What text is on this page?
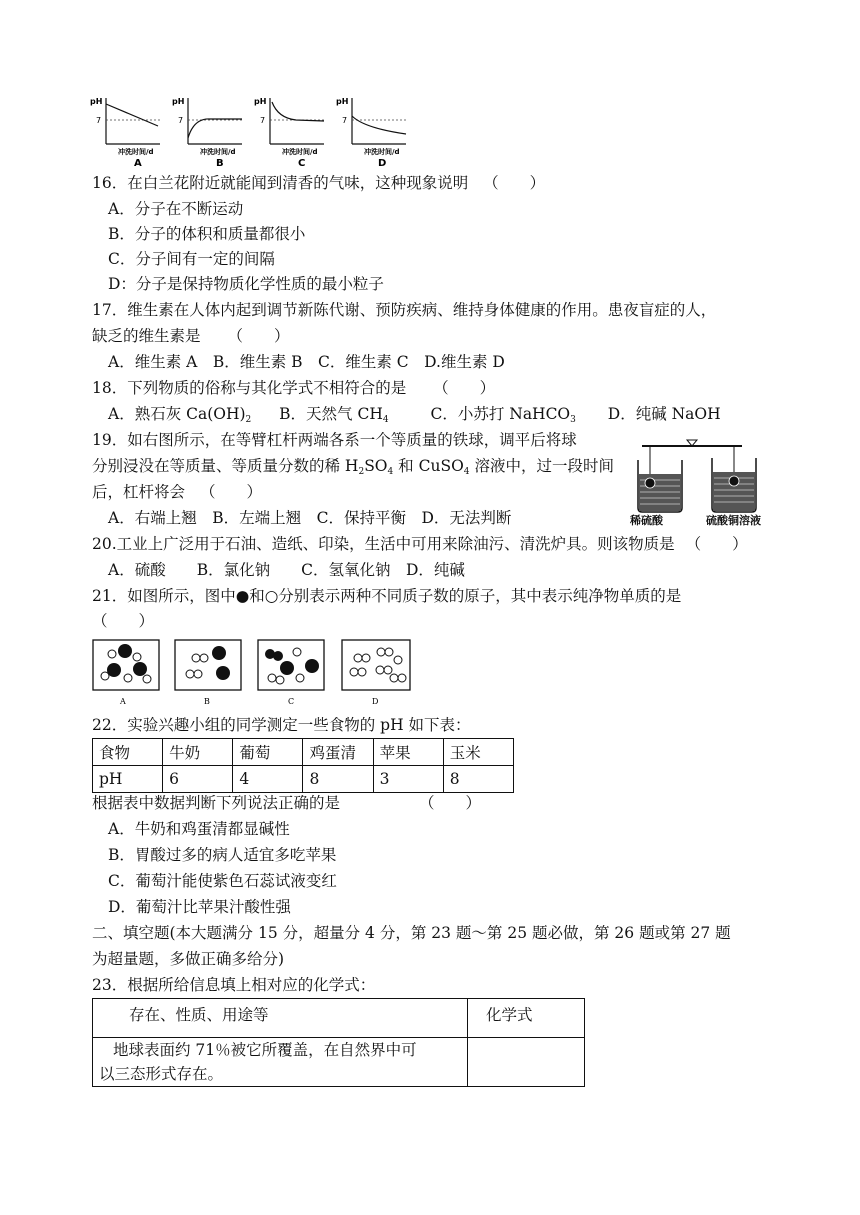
pH	pH	pH	pH
7	7	7	7
冲洗时间/d	冲洗时间/d	冲洗时间/d	冲洗时间/d
A	B	C	D
16．在白兰花附近就能闻到清香的气味，这种现象说明 （　　）
A．分子在不断运动
B．分子的体积和质量都很小
C．分子间有一定的间隔
D：分子是保持物质化学性质的最小粒子
17．维生素在人体内起到调节新陈代谢、预防疾病、维持身体健康的作用。患夜盲症的人，
缺乏的维生素是 （　　）
A．维生素 A　B．维生素 B　C．维生素 C　D.维生素 D
18．下列物质的俗称与其化学式不相符合的是 （　　）
A．熟石灰 $Ca(OH)_2$ B．天然气 $CH_4$	C．小苏打 NaHCO$_3$ D．纯碱 NaOH
19．如右图所示，在等臂杠杆两端各系一个等质量的铁球，调平后将球
分别浸没在等质量、等质量分数的稀 $H_2SO_4$ 和 CuSO$_4$ 溶液中，过一段时间
后，杠杆将会 （　　）
A．右端上翘　B．左端上翘　C．保持平衡　D．无法判断	稀硫酸	硫酸铜溶液
20.工业上广泛用于石油、造纸、印染，生活中可用来除油污、清洗炉具。则该物质是 （　　）
A．硫酸　　B．氯化钠　　C．氢氧化钠　D．纯碱
21．如图所示，图中●和○分别表示两种不同质子数的原子，其中表示纯净物单质的是
（　　）
A	B	C	D
22．实验兴趣小组的同学测定一些食物的 pH 如下表：
食物	牛奶	葡萄	鸡蛋清	苹果	玉米
pH	6	4	8	3	8
根据表中数据判断下列说法正确的是	（　　）
A．牛奶和鸡蛋清都显碱性
B．胃酸过多的病人适宜多吃苹果
C．葡萄汁能使紫色石蕊试液变红
D．葡萄汁比苹果汁酸性强
二、填空题(本大题满分 15 分，超量分 4 分，第 23 题～第 25 题必做，第 26 题或第 27 题
为超量题，多做正确多给分)
23．根据所给信息填上相对应的化学式：
存在、性质、用途等	化学式

地球表面约 71％被它所覆盖，在自然界中可
以三态形式存在。	
